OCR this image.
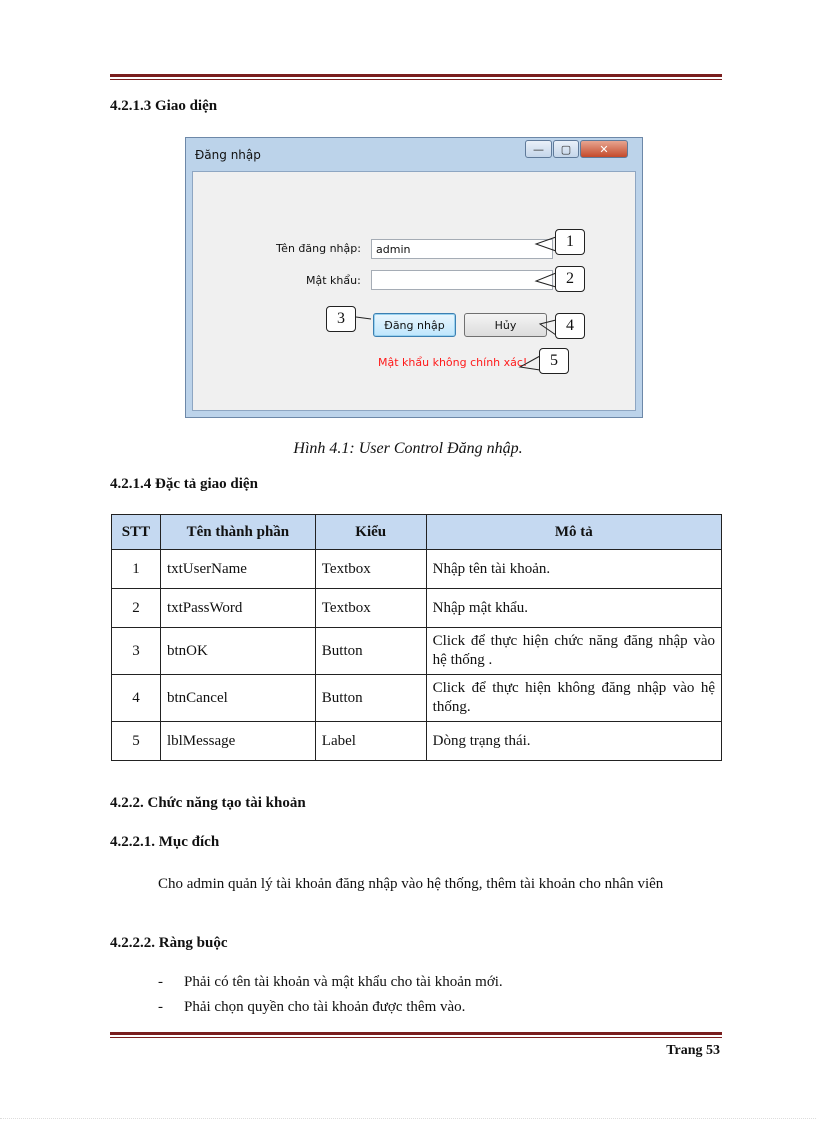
4.2.1.3 Giao diện
Đăng nhập	—	▢	✕
Tên đăng nhập:
admin
Mật khẩu:
Đăng nhập	Hủy
Mật khẩu không chính xác!
1
2
3	4
5
Hình 4.1: User Control Đăng nhập.
4.2.1.4 Đặc tả giao diện
STT	Tên thành phần	Kiểu	Mô tả
1	txtUserName	Textbox	Nhập tên tài khoản.
2	txtPassWord	Textbox	Nhập mật khẩu.
3	btnOK	Button	Click để thực hiện chức năng đăng nhập vào hệ thống .
4	btnCancel	Button	Click để thực hiện không đăng nhập vào hệ thống.
5	lblMessage	Label	Dòng trạng thái.
4.2.2. Chức năng tạo tài khoản
4.2.2.1. Mục đích
Cho admin quản lý tài khoản đăng nhập vào hệ thống, thêm tài khoản cho nhân viên
4.2.2.2. Ràng buộc
- Phải có tên tài khoản và mật khẩu cho tài khoản mới.
- Phải chọn quyền cho tài khoản được thêm vào.
Trang 53
